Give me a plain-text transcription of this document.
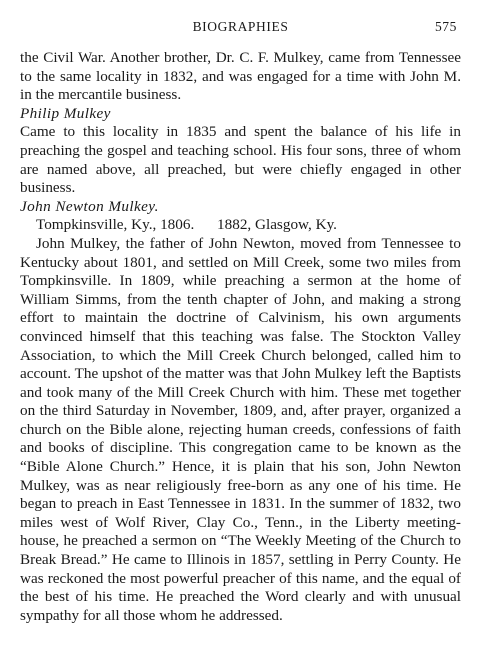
BIOGRAPHIES	575

the Civil War. Another brother, Dr. C. F. Mulkey, came from Tennessee to the same locality in 1832, and was engaged for a time with John M. in the mercantile business.

Philip Mulkey

Came to this locality in 1835 and spent the balance of his life in preaching the gospel and teaching school. His four sons, three of whom are named above, all preached, but were chiefly engaged in other business.

John Newton Mulkey.

Tompkinsville, Ky., 1806.      1882, Glasgow, Ky.

John Mulkey, the father of John Newton, moved from Tennessee to Kentucky about 1801, and settled on Mill Creek, some two miles from Tompkinsville. In 1809, while preaching a sermon at the home of William Simms, from the tenth chapter of John, and making a strong effort to maintain the doctrine of Calvinism, his own arguments convinced himself that this teaching was false. The Stockton Valley Association, to which the Mill Creek Church belonged, called him to account. The upshot of the matter was that John Mulkey left the Baptists and took many of the Mill Creek Church with him. These met together on the third Saturday in November, 1809, and, after prayer, organized a church on the Bible alone, rejecting human creeds, confessions of faith and books of discipline. This congregation came to be known as the “Bible Alone Church.” Hence, it is plain that his son, John Newton Mulkey, was as near religiously free-born as any one of his time. He began to preach in East Tennessee in 1831. In the summer of 1832, two miles west of Wolf River, Clay Co., Tenn., in the Liberty meeting-house, he preached a sermon on “The Weekly Meeting of the Church to Break Bread.” He came to Illinois in 1857, settling in Perry County. He was reckoned the most powerful preacher of this name, and the equal of the best of his time. He preached the Word clearly and with unusual sympathy for all those whom he addressed.
